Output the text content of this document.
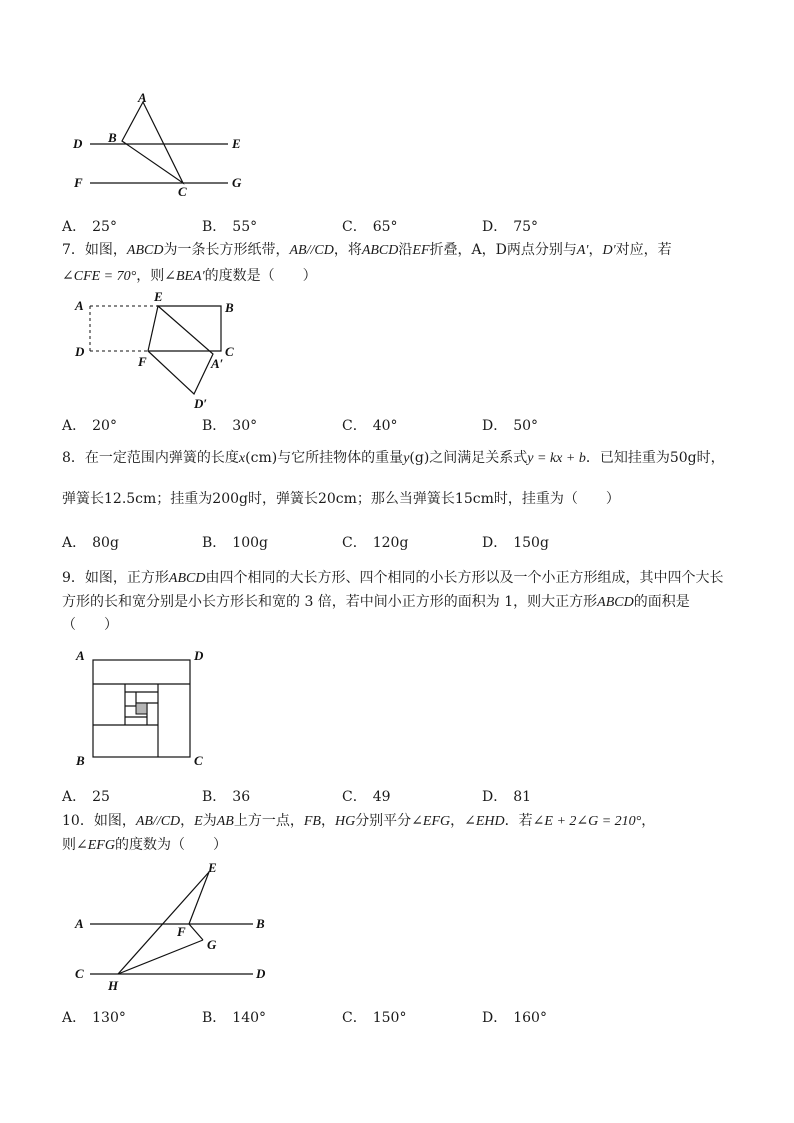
A
B
C
D	E
F	G
A． 25°	B． 55°	C． 65°	D． 75°
7．如图，ABCD为一条长方形纸带，AB//CD，将ABCD沿EF折叠，A，D两点分别与A′，D′对应，若
∠CFE = 70°，则∠BEA′的度数是（　　）
A
E
B
D	C
F	A′
D′
A． 20°	B． 30°	C． 40°	D． 50°
8．在一定范围内弹簧的长度x(cm)与它所挂物体的重量y(g)之间满足关系式y = kx + b．已知挂重为50g时，
弹簧长12.5cm；挂重为200g时，弹簧长20cm；那么当弹簧长15cm时，挂重为（　　）
A． 80g	B． 100g	C． 120g	D． 150g
9．如图，正方形ABCD由四个相同的大长方形、四个相同的小长方形以及一个小正方形组成，其中四个大长
方形的长和宽分别是小长方形长和宽的 3 倍，若中间小正方形的面积为 1，则大正方形ABCD的面积是
（　　）
A	D
B	C
A． 25	B． 36	C． 49	D． 81
10．如图，AB//CD，E为AB上方一点，FB，HG分别平分∠EFG，∠EHD．若∠E + 2∠G = 210°，
则∠EFG的度数为（　　）
A	B
C	D
E
F
G
H
A． 130°	B． 140°	C． 150°	D． 160°
